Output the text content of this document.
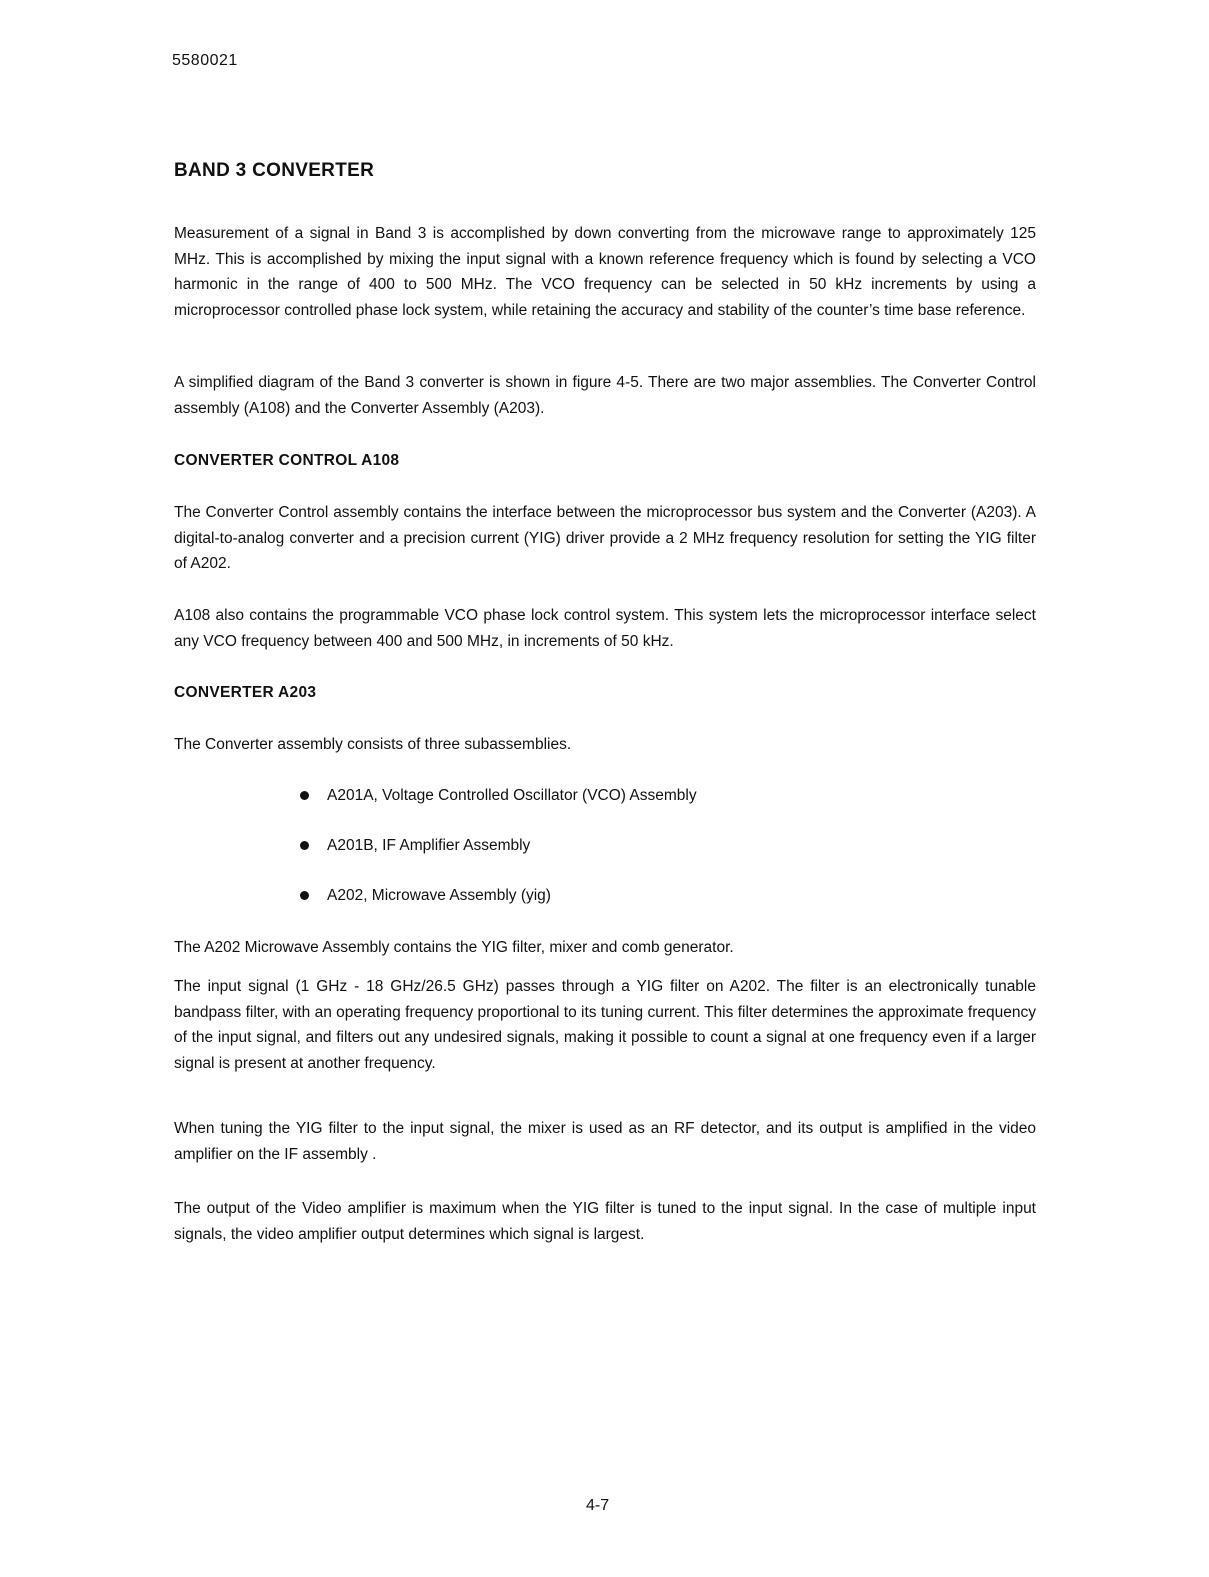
5580021
BAND 3 CONVERTER

Measurement of a signal in Band 3 is accomplished by down converting from the microwave range to approximately 125 MHz. This is accomplished by mixing the input signal with a known reference frequency which is found by selecting a VCO harmonic in the range of 400 to 500 MHz. The VCO frequency can be selected in 50 kHz increments by using a microprocessor controlled phase lock system, while retaining the accuracy and stability of the counter’s time base reference.

A simplified diagram of the Band 3 converter is shown in figure 4-5. There are two major assemblies. The Converter Control assembly (A108) and the Converter Assembly (A203).

CONVERTER CONTROL A108

The Converter Control assembly contains the interface between the microprocessor bus system and the Converter (A203). A digital-to-analog converter and a precision current (YIG) driver provide a 2 MHz frequency resolution for setting the YIG filter of A202.

A108 also contains the programmable VCO phase lock control system. This system lets the microprocessor interface select any VCO frequency between 400 and 500 MHz, in increments of 50 kHz.

CONVERTER A203

The Converter assembly consists of three subassemblies.

A201A, Voltage Controlled Oscillator (VCO) Assembly
A201B, IF Amplifier Assembly
A202, Microwave Assembly (yig)

The A202 Microwave Assembly contains the YIG filter, mixer and comb generator.

The input signal (1 GHz - 18 GHz/26.5 GHz) passes through a YIG filter on A202. The filter is an electronically tunable bandpass filter, with an operating frequency proportional to its tuning current. This filter determines the approximate frequency of the input signal, and filters out any undesired signals, making it possible to count a signal at one frequency even if a larger signal is present at another frequency.

When tuning the YIG filter to the input signal, the mixer is used as an RF detector, and its output is amplified in the video amplifier on the IF assembly .

The output of the Video amplifier is maximum when the YIG filter is tuned to the input signal. In the case of multiple input signals, the video amplifier output determines which signal is largest.

4-7
